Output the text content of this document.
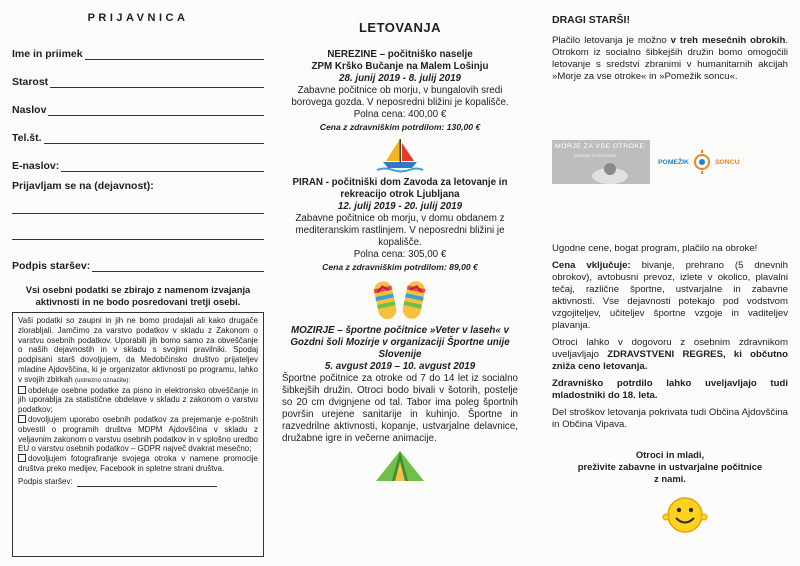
PRIJAVNICA
Ime in priimek
Starost
Naslov
Tel.št.
E-naslov:
Prijavljam se na (dejavnost):
Podpis staršev:
Vsi osebni podatki se zbirajo z namenom izvajanja aktivnosti in ne bodo posredovani tretji osebi.

Vaši podatki so zaupni in jih ne bomo prodajali ali kako drugače zlorabljali. Jamčimo za varstvo podatkov v skladu z Zakonom o varstvu osebnih podatkov. Uporabili jih bomo samo za obveščanje o naših dejavnostih in v skladu s svojimi pravilniki. Spodaj podpisani starš dovoljujem, da Medobčinsko društvo prijateljev mladine Ajdovščina, ki je organizator aktivnosti po programu, lahko v svojih zbirkah (ustrezno označite):

obdeluje osebne podatke za pisno in elektronsko obveščanje in jih uporablja za statistične obdelave v skladu z zakonom o varstvu podatkov;

dovoljujem uporabo osebnih podatkov za prejemanje e-poštnih obvestil o programih društva MDPM Ajdovščina v skladu z veljavnim zakonom o varstvu osebnih podatkov in v splošno uredbo EU o varstvu osebnih podatkov – GDPR največ dvakrat mesečno;

dovoljujem fotografiranje svojega otroka v namene promocije društva preko medijev, Facebook in spletne strani društva.

Podpis staršev:
LETOVANJA
NEREZINE – počitniško naselje
ZPM Krško Bučanje na Malem Lošinju
28. junij 2019 - 8. julij 2019
Zabavne počitnice ob morju, v bungalovih sredi borovega gozda. V neposredni bližini je kopališče.
Polna cena: 400,00 €
Cena z zdravniškim potrdilom: 130,00 €
PIRAN - počitniški dom Zavoda za letovanje in rekreacijo otrok Ljubljana
12. julij 2019 - 20. julij 2019
Zabavne počitnice ob morju, v domu obdanem z mediteranskim rastlinjem. V neposredni bližini je kopališče.
Polna cena: 305,00 €
Cena z zdravniškim potrdilom: 89,00 €
MOZIRJE – športne počitnice »Veter v laseh« v Gozdni šoli Mozirje v organizaciji Športne unije Slovenije
5. avgust 2019 – 10. avgust 2019
Športne počitnice za otroke od 7 do 14 let iz socialno šibkejših družin. Otroci bodo bivali v šotorih, postelje so 20 cm dvignjene od tal. Tabor ima poleg športnih površin urejene sanitarije in kuhinjo. Športne in razvedrilne aktivnosti, kopanje, ustvarjalne delavnice, družabne igre in večerne animacije.
DRAGI STARŠI!
Plačilo letovanja je možno v treh mesečnih obrokih. Otrokom iz socialno šibkejših družin bomo omogočili letovanje s sredstvi zbranimi v humanitarnih akcijah »Morje za vse otroke« in »Pomežik soncu«.
MORJE ZA VSE OTROKE
donacije za letovanje
POMEŽIK	SONCU
Ugodne cene, bogat program, plačilo na obroke!
Cena vključuje: bivanje, prehrano (5 dnevnih obrokov), avtobusni prevoz, izlete v okolico, plavalni tečaj, različne športne, ustvarjalne in zabavne aktivnosti. Vse dejavnosti potekajo pod vodstvom vzgojiteljev, učiteljev športne vzgoje in vaditeljev plavanja.
Otroci lahko v dogovoru z osebnim zdravnikom uveljavljajo ZDRAVSTVENI REGRES, ki občutno zniža ceno letovanja.
Zdravniško potrdilo lahko uveljavljajo tudi mladostniki do 18. leta.
Del stroškov letovanja pokrivata tudi Občina Ajdovščina in Občina Vipava.
Otroci in mladi,
preživite zabavne in ustvarjalne počitnice
z nami.
